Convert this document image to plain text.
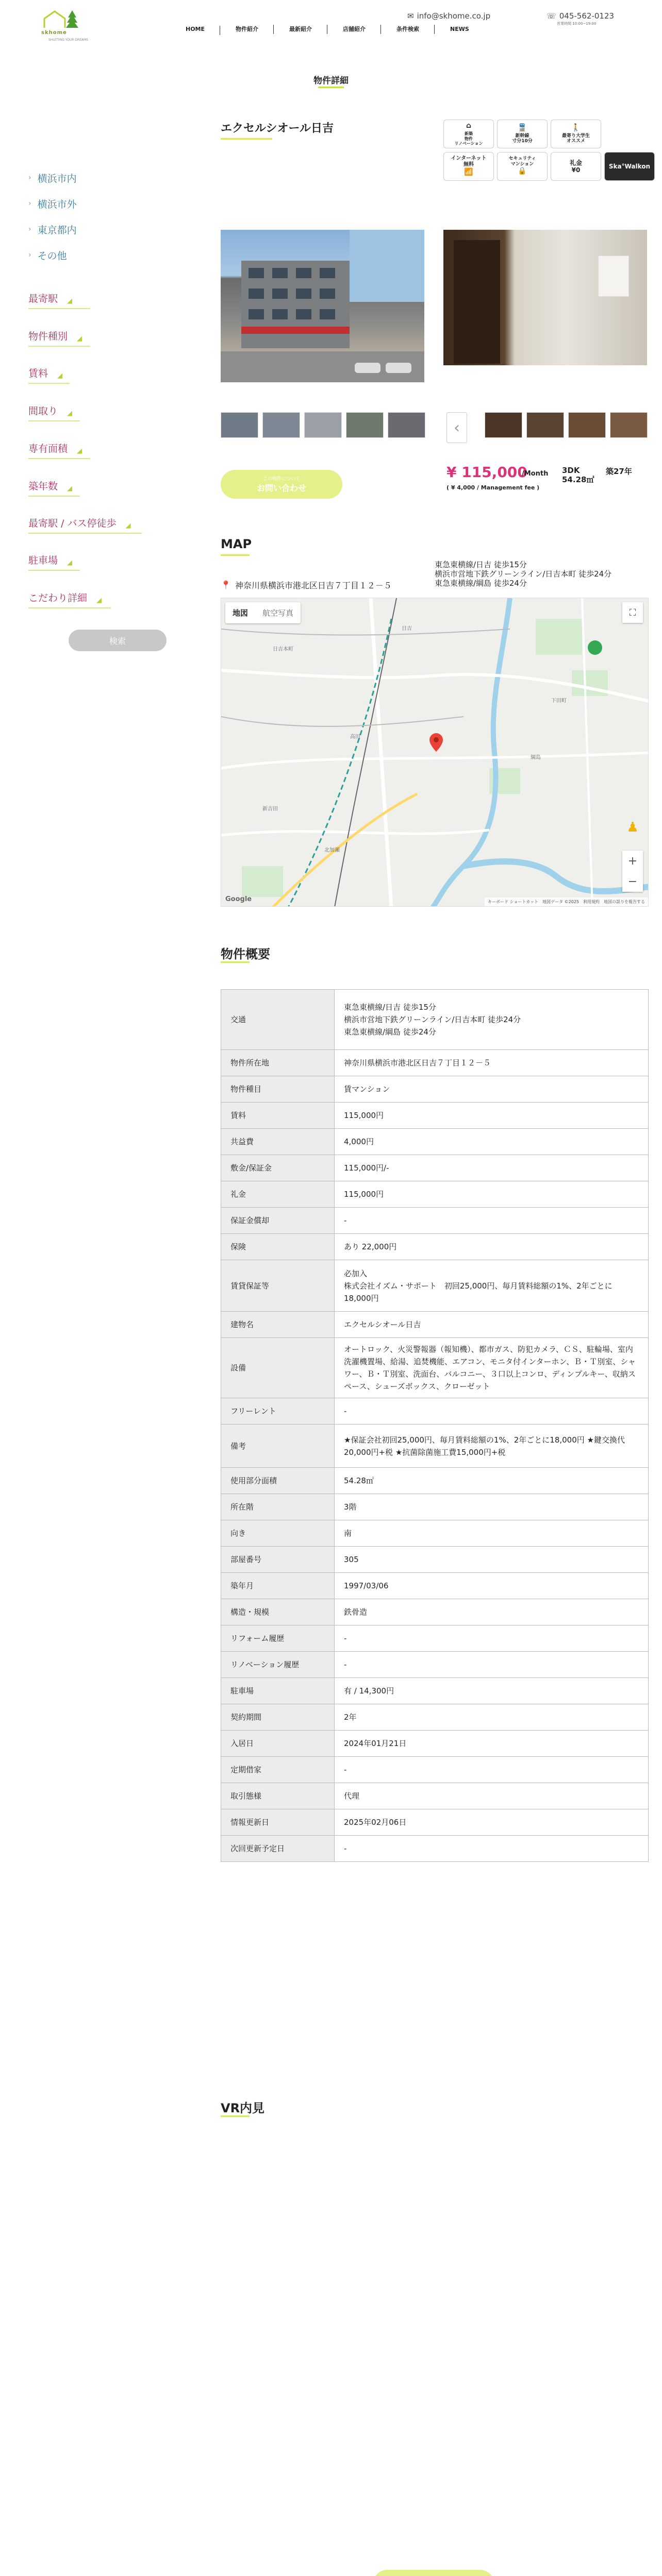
skhome
SHUTTING YOUR DREAMS
HOME	物件紹介	最新紹介	店舗紹介	条件検索	NEWS
✉ info@skhome.co.jp	☏ 045-562-0123
営業時間 10:00~19:00
物件詳細
› 横浜市内
› 横浜市外
› 東京都内
› その他
最寄駅 ◢
物件種別 ◢
賃料 ◢
間取り ◢
専有面積 ◢
築年数 ◢
最寄駅 / バス停徒歩 ◢
駐車場 ◢
こだわり詳細 ◢
検索
エクセルシオール日吉	⌂
新築
物件
リノベーション
🚆
新幹線
寸分10分
🚶
最寄り大学生
オススメ
インターネット
無料
📶
セキュリティ
マンション
🔒
礼金
¥0
Ska°Walkon
‹
この物件について
お問い合わせ
¥ 115,000
/Month
( ¥ 4,000 / Management fee )
3DK
54.28㎡
築27年
MAP
東急東横線/日吉 徒歩15分
横浜市営地下鉄グリーンライン/日吉本町 徒歩24分
東急東横線/綱島 徒歩24分
📍 神奈川県横浜市港北区日吉７丁目１２－５
日吉本町
日吉
綱島
高田
新吉田
下田町
北加瀬
地図	航空写真	⛶
♟
+
−
Google	キーボード ショートカット　地図データ ©2025　利用規約　地図の誤りを報告する
物件概要
交通	東急東横線/日吉 徒歩15分
横浜市営地下鉄グリーンライン/日吉本町 徒歩24分
東急東横線/綱島 徒歩24分
物件所在地	神奈川県横浜市港北区日吉７丁目１２－５
物件種目	賃マンション
賃料	115,000円
共益費	4,000円
敷金/保証金	115,000円/-
礼金	115,000円
保証金償却	-
保険	あり 22,000円
賃貸保証等	必加入
株式会社イズム・サポート　初回25,000円、毎月賃料総額の1%、2年ごとに18,000円
建物名	エクセルシオール日吉
設備	オートロック、火災警報器（報知機）、都市ガス、防犯カメラ、ＣＳ、駐輪場、室内洗濯機置場、給湯、追焚機能、エアコン、モニタ付インターホン、Ｂ・Ｔ別室、シャワー、Ｂ・Ｔ別室、洗面台、バルコニー、３口以上コンロ、ディンプルキー、収納スペース、シューズボックス、クローゼット
フリーレント	-
備考	★保証会社初回25,000円、毎月賃料総額の1%、2年ごとに18,000円 ★鍵交換代20,000円+税 ★抗菌除菌施工費15,000円+税
使用部分面積	54.28㎡
所在階	3階
向き	南
部屋番号	305
築年月	1997/03/06
構造・規模	鉄骨造
リフォーム履歴	-
リノベーション履歴	-
駐車場	有 / 14,300円
契約期間	2年
入居日	2024年01月21日
定期借家	-
取引態様	代理
情報更新日	2025年02月06日
次回更新予定日	-
VR内見
